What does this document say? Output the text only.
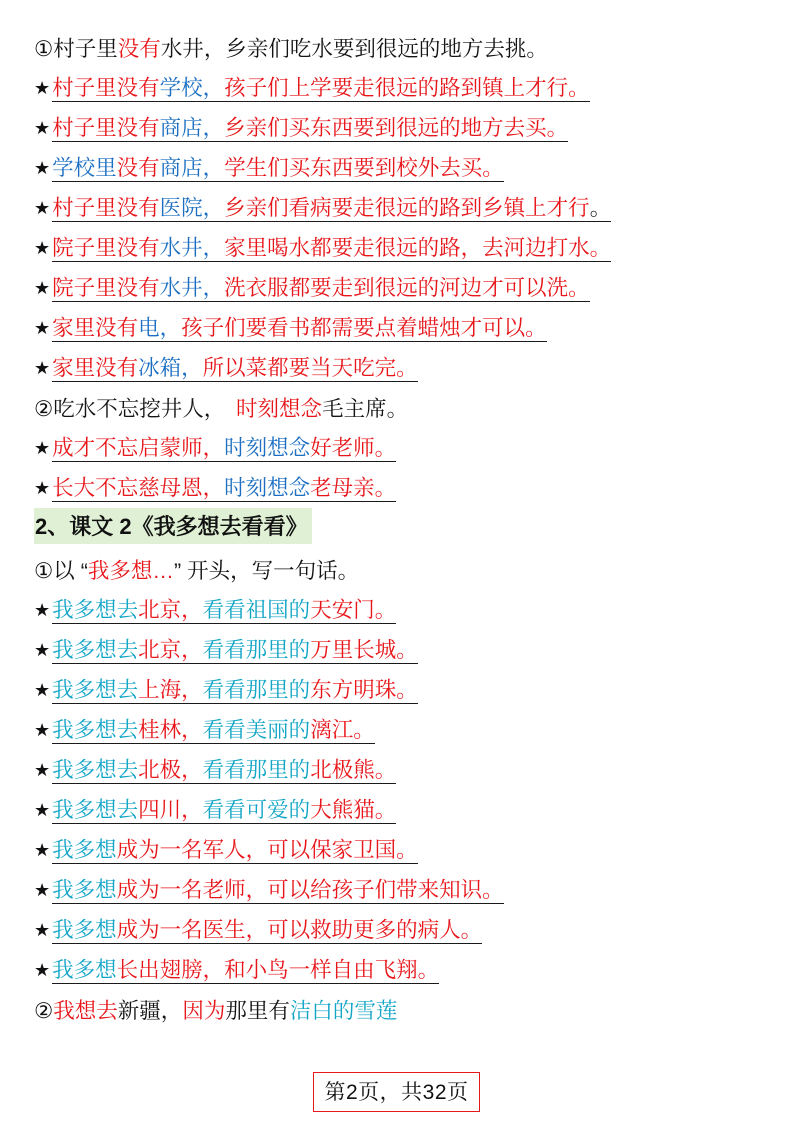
① 村子里 没有 水井，乡亲们吃水要到很远的地方去挑。
★ 村子里没有 学校， 孩子们上学要走很远的路到镇上才行。
★ 村子里没有 商店， 乡亲们买东西要到很远的地方去买。
★ 学校里 没有 商店， 学生们买东西要到校外去买。
★ 村子里没有 医院， 乡亲们看病要走很远的路到乡镇上才行 。
★ 院子里没有 水井， 家里喝水都要走很远的路，去河边打水。
★ 院子里没有 水井， 洗衣服都要走到很远的河边才可以洗。
★ 家里没有 电， 孩子们要看书都需要点着蜡烛才可以。
★ 家里没有 冰箱， 所以菜都要当天吃完。
② 吃水不忘挖井人，　 时刻想念 毛主席。
★ 成才不忘启蒙师， 时刻想念 好老师。
★ 长大不忘慈母恩， 时刻想念 老母亲。
2、课文 2《我多想去看看》
① 以 “ 我多想… ” 开头，写一句话。
★ 我多想去 北京， 看看祖国的 天安门。
★ 我多想去 北京， 看看那里的 万里长城。
★ 我多想去 上海， 看看那里的 东方明珠。
★ 我多想去 桂林， 看看美丽的 漓江。
★ 我多想去 北极， 看看那里的 北极熊。
★ 我多想去 四川， 看看可爱的 大熊猫。
★ 我多想 成为一名军人，可以保家卫国。
★ 我多想 成为一名老师，可以给孩子们带来知识。
★ 我多想 成为一名医生，可以救助更多的病人。
★ 我多想 长出翅膀，和小鸟一样自由飞翔。
② 我想去 新疆， 因为 那里有 洁白的雪莲
第2页，共32页
